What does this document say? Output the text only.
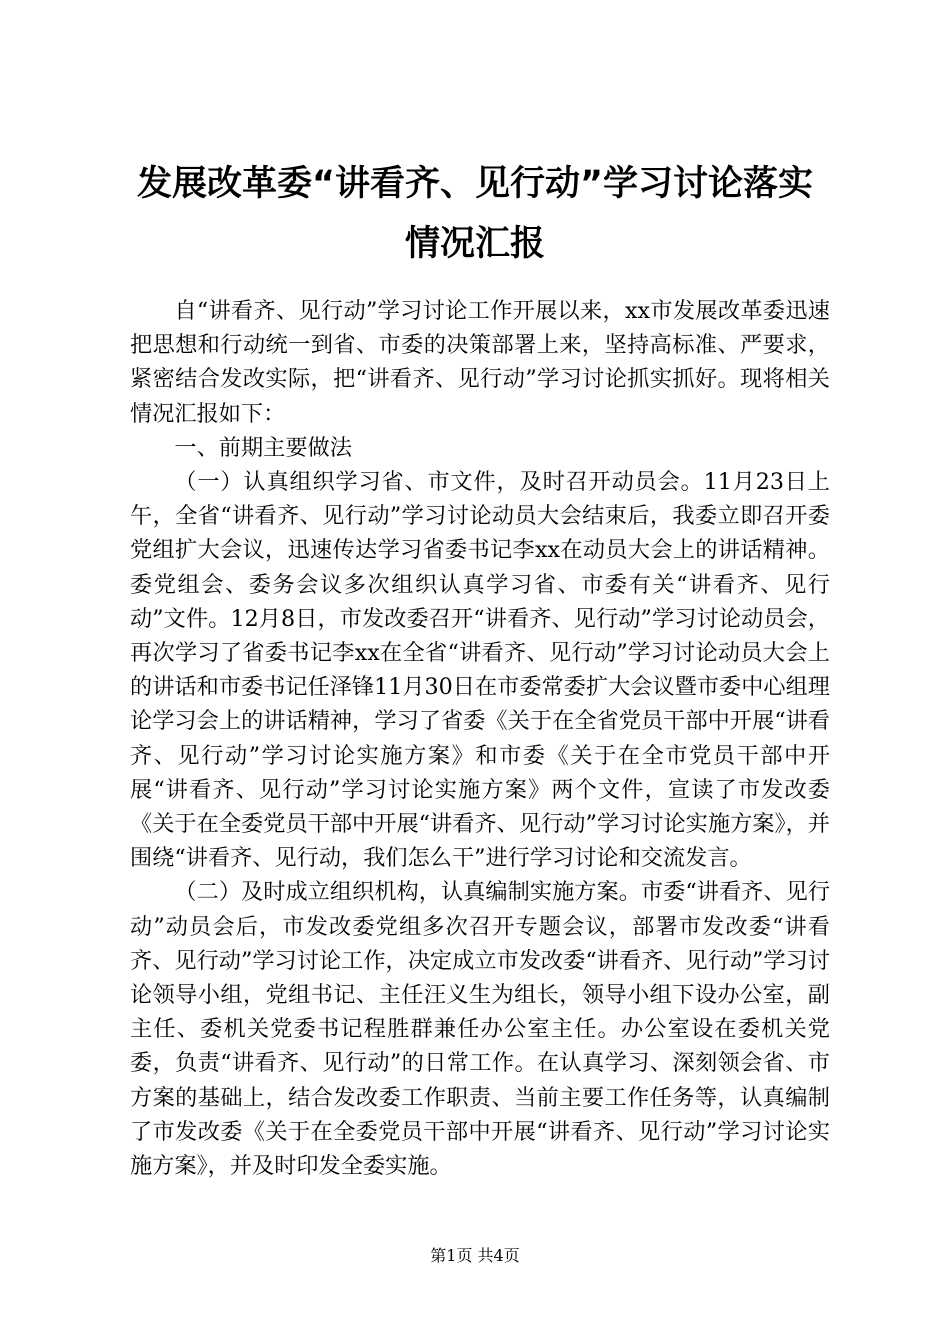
发展改革委“讲看齐、见行动”学习讨论落实
情况汇报

自“讲看齐、见行动”学习讨论工作开展以来，xx市发展改革委迅速把思想和行动统一到省、市委的决策部署上来，坚持高标准、严要求，紧密结合发改实际，把“讲看齐、见行动”学习讨论抓实抓好。现将相关情况汇报如下：

一、前期主要做法

（一）认真组织学习省、市文件，及时召开动员会。11月23日上午，全省“讲看齐、见行动”学习讨论动员大会结束后，我委立即召开委党组扩大会议，迅速传达学习省委书记李xx在动员大会上的讲话精神。委党组会、委务会议多次组织认真学习省、市委有关“讲看齐、见行动”文件。12月8日，市发改委召开“讲看齐、见行动”学习讨论动员会，再次学习了省委书记李xx在全省“讲看齐、见行动”学习讨论动员大会上的讲话和市委书记任泽锋11月30日在市委常委扩大会议暨市委中心组理论学习会上的讲话精神，学习了省委《关于在全省党员干部中开展“讲看齐、见行动”学习讨论实施方案》和市委《关于在全市党员干部中开展“讲看齐、见行动”学习讨论实施方案》两个文件，宣读了市发改委《关于在全委党员干部中开展“讲看齐、见行动”学习讨论实施方案》，并围绕“讲看齐、见行动，我们怎么干”进行学习讨论和交流发言。

（二）及时成立组织机构，认真编制实施方案。市委“讲看齐、见行动”动员会后，市发改委党组多次召开专题会议，部署市发改委“讲看齐、见行动”学习讨论工作，决定成立市发改委“讲看齐、见行动”学习讨论领导小组，党组书记、主任汪义生为组长，领导小组下设办公室，副主任、委机关党委书记程胜群兼任办公室主任。办公室设在委机关党委，负责“讲看齐、见行动”的日常工作。在认真学习、深刻领会省、市方案的基础上，结合发改委工作职责、当前主要工作任务等，认真编制了市发改委《关于在全委党员干部中开展“讲看齐、见行动”学习讨论实施方案》，并及时印发全委实施。

第1页 共4页
